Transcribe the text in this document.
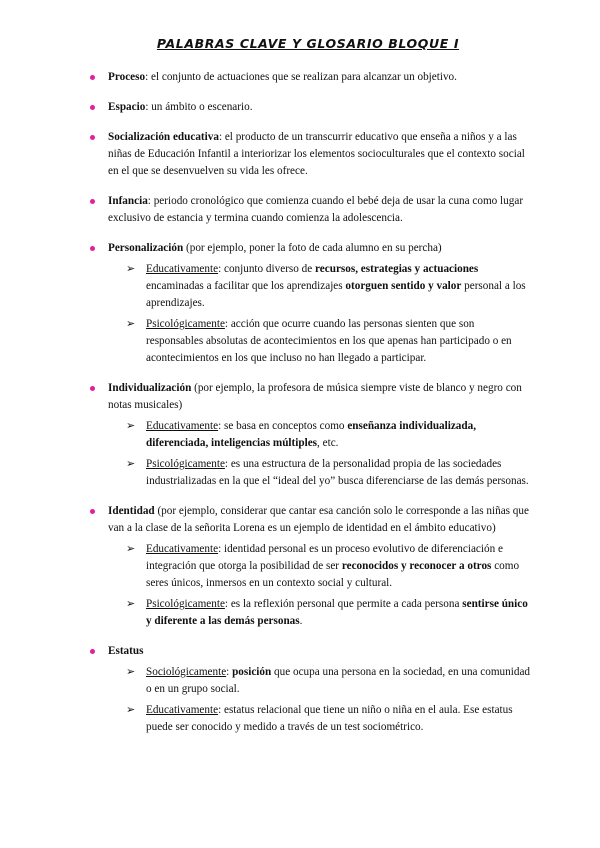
PALABRAS CLAVE Y GLOSARIO BLOQUE I
Proceso: el conjunto de actuaciones que se realizan para alcanzar un objetivo.
Espacio: un ámbito o escenario.
Socialización educativa: el producto de un transcurrir educativo que enseña a niños y a las niñas de Educación Infantil a interiorizar los elementos socioculturales que el contexto social en el que se desenvuelven su vida les ofrece.
Infancia: periodo cronológico que comienza cuando el bebé deja de usar la cuna como lugar exclusivo de estancia y termina cuando comienza la adolescencia.
Personalización (por ejemplo, poner la foto de cada alumno en su percha)
➢ Educativamente: conjunto diverso de recursos, estrategias y actuaciones encaminadas a facilitar que los aprendizajes otorguen sentido y valor personal a los aprendizajes.
➢ Psicológicamente: acción que ocurre cuando las personas sienten que son responsables absolutas de acontecimientos en los que apenas han participado o en acontecimientos en los que incluso no han llegado a participar.
Individualización (por ejemplo, la profesora de música siempre viste de blanco y negro con notas musicales)
➢ Educativamente: se basa en conceptos como enseñanza individualizada, diferenciada, inteligencias múltiples, etc.
➢ Psicológicamente: es una estructura de la personalidad propia de las sociedades industrializadas en la que el “ideal del yo” busca diferenciarse de las demás personas.
Identidad (por ejemplo, considerar que cantar esa canción solo le corresponde a las niñas que van a la clase de la señorita Lorena es un ejemplo de identidad en el ámbito educativo)
➢ Educativamente: identidad personal es un proceso evolutivo de diferenciación e integración que otorga la posibilidad de ser reconocidos y reconocer a otros como seres únicos, inmersos en un contexto social y cultural.
➢ Psicológicamente: es la reflexión personal que permite a cada persona sentirse único y diferente a las demás personas.
Estatus
➢ Sociológicamente: posición que ocupa una persona en la sociedad, en una comunidad o en un grupo social.
➢ Educativamente: estatus relacional que tiene un niño o niña en el aula. Ese estatus puede ser conocido y medido a través de un test sociométrico.
